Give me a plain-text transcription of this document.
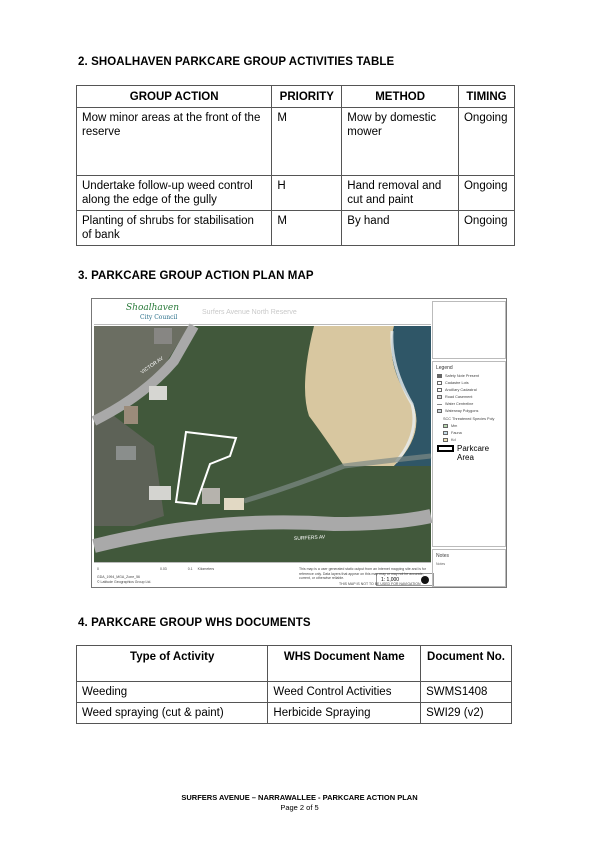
2. SHOALHAVEN PARKCARE GROUP ACTIVITIES TABLE
GROUP ACTION	PRIORITY	METHOD	TIMING
Mow minor areas at the front of the reserve	M	Mow by domestic mower	Ongoing
Undertake follow-up weed control along the edge of the gully	H	Hand removal and cut and paint	Ongoing
Planting of shrubs for stabilisation of bank	M	By hand	Ongoing
3. PARKCARE GROUP ACTION PLAN MAP
Shoalhaven
City Council
Surfers Avenue North Reserve
VICTOR AV
SURFERS AV
1: 1,000
0	0.03	0.1 Kilometers
GDA_1994_MGA_Zone_56
© Latitude Geographics Group Ltd.
This map is a user generated static output from an Internet mapping site and is for reference only. Data layers that appear on this map may or may not be accurate, current, or otherwise reliable.
THIS MAP IS NOT TO BE USED FOR NAVIGATION
Legend
Safety Note Present
Cadastre Lots
Ancillary Cadastral
Road Casement
Water Centreline
Waterway Polygons
SCC Threatened Species Poly
Mm
Fauna
Kd
Parkcare Area
Notes
Notes
4. PARKCARE GROUP WHS DOCUMENTS
Type of Activity	WHS Document Name	Document No.
Weeding	Weed Control Activities	SWMS1408
Weed spraying (cut & paint)	Herbicide Spraying	SWI29 (v2)
SURFERS AVENUE – NARRAWALLEE - PARKCARE ACTION PLAN
Page 2 of 5
